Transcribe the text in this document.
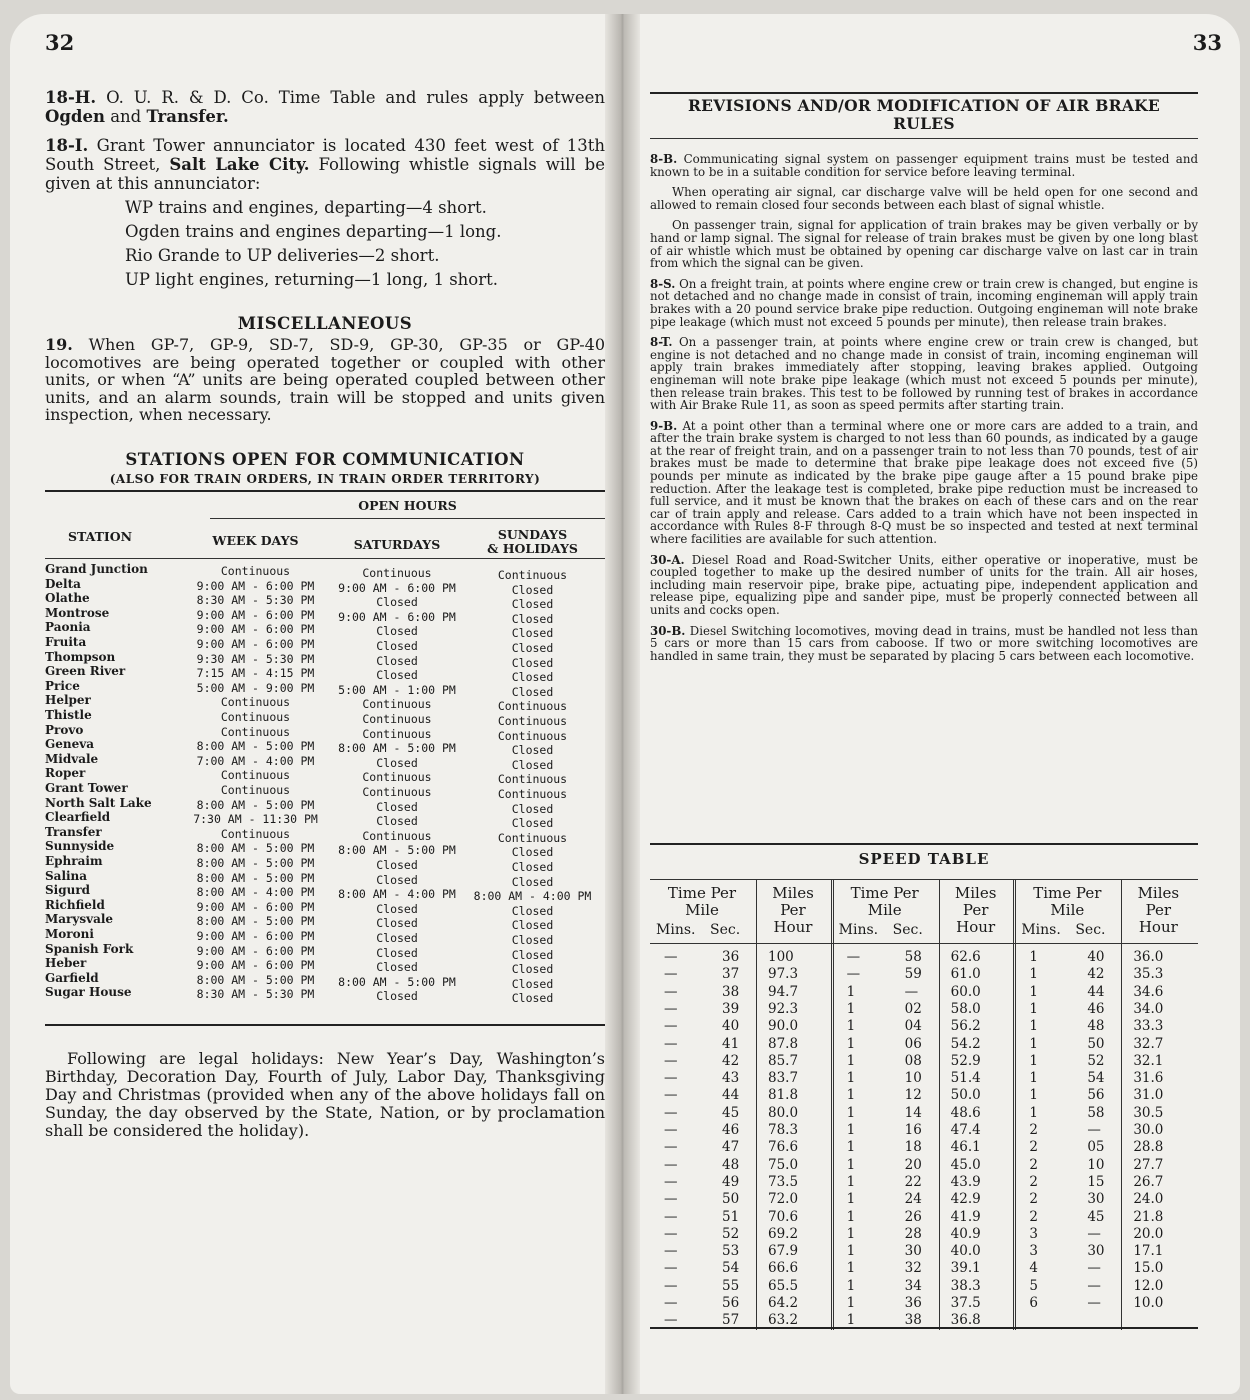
32
18-H. O. U. R. & D. Co. Time Table and rules apply between Ogden and Transfer.
18-I. Grant Tower annunciator is located 430 feet west of 13th South Street, Salt Lake City. Following whistle signals will be given at this annunciator:
WP trains and engines, departing—4 short.
Ogden trains and engines departing—1 long.
Rio Grande to UP deliveries—2 short.
UP light engines, returning—1 long, 1 short.
MISCELLANEOUS
19. When GP-7, GP-9, SD-7, SD-9, GP-30, GP-35 or GP-40 locomotives are being operated together or coupled with other units, or when “A” units are being operated coupled between other units, and an alarm sounds, train will be stopped and units given inspection, when necessary.
STATIONS OPEN FOR COMMUNICATION
(ALSO FOR TRAIN ORDERS, IN TRAIN ORDER TERRITORY)
OPEN HOURS
STATION	WEEK DAYS	SATURDAYS
SUNDAYS
& HOLIDAYS
Grand Junction	Continuous	Continuous	Continuous
Delta	9:00 AM - 6:00 PM	9:00 AM - 6:00 PM	Closed
Olathe	8:30 AM - 5:30 PM	Closed	Closed
Montrose	9:00 AM - 6:00 PM	9:00 AM - 6:00 PM	Closed
Paonia	9:00 AM - 6:00 PM	Closed	Closed
Fruita	9:00 AM - 6:00 PM	Closed	Closed
Thompson	9:30 AM - 5:30 PM	Closed	Closed
Green River	7:15 AM - 4:15 PM	Closed	Closed
Price	5:00 AM - 9:00 PM	5:00 AM - 1:00 PM	Closed
Helper	Continuous	Continuous	Continuous
Thistle	Continuous	Continuous	Continuous
Provo	Continuous	Continuous	Continuous
Geneva	8:00 AM - 5:00 PM	8:00 AM - 5:00 PM	Closed
Midvale	7:00 AM - 4:00 PM	Closed	Closed
Roper	Continuous	Continuous	Continuous
Grant Tower	Continuous	Continuous	Continuous
North Salt Lake	8:00 AM - 5:00 PM	Closed	Closed
Clearfield	7:30 AM - 11:30 PM	Closed	Closed
Transfer	Continuous	Continuous	Continuous
Sunnyside	8:00 AM - 5:00 PM	8:00 AM - 5:00 PM	Closed
Ephraim	8:00 AM - 5:00 PM	Closed	Closed
Salina	8:00 AM - 5:00 PM	Closed	Closed
Sigurd	8:00 AM - 4:00 PM	8:00 AM - 4:00 PM	8:00 AM - 4:00 PM
Richfield	9:00 AM - 6:00 PM	Closed	Closed
Marysvale	8:00 AM - 5:00 PM	Closed	Closed
Moroni	9:00 AM - 6:00 PM	Closed	Closed
Spanish Fork	9:00 AM - 6:00 PM	Closed	Closed
Heber	9:00 AM - 6:00 PM	Closed	Closed
Garfield	8:00 AM - 5:00 PM	8:00 AM - 5:00 PM	Closed
Sugar House	8:30 AM - 5:30 PM	Closed	Closed
Following are legal holidays: New Year’s Day, Washington’s Birthday, Decoration Day, Fourth of July, Labor Day, Thanksgiving Day and Christmas (provided when any of the above holidays fall on Sunday, the day observed by the State, Nation, or by proclamation shall be considered the holiday).
33
REVISIONS AND/OR MODIFICATION OF AIR BRAKE
RULES

8-B. Communicating signal system on passenger equipment trains must be tested and known to be in a suitable condition for service before leaving terminal.

When operating air signal, car discharge valve will be held open for one second and allowed to remain closed four seconds between each blast of signal whistle.

On passenger train, signal for application of train brakes may be given verbally or by hand or lamp signal. The signal for release of train brakes must be given by one long blast of air whistle which must be obtained by opening car discharge valve on last car in train from which the signal can be given.

8-S. On a freight train, at points where engine crew or train crew is changed, but engine is not detached and no change made in consist of train, incoming engineman will apply train brakes with a 20 pound service brake pipe reduction. Outgoing engineman will note brake pipe leakage (which must not exceed 5 pounds per minute), then release train brakes.

8-T. On a passenger train, at points where engine crew or train crew is changed, but engine is not detached and no change made in consist of train, incoming engineman will apply train brakes immediately after stopping, leaving brakes applied. Outgoing engineman will note brake pipe leakage (which must not exceed 5 pounds per minute), then release train brakes. This test to be followed by running test of brakes in accordance with Air Brake Rule 11, as soon as speed permits after starting train.

9-B. At a point other than a terminal where one or more cars are added to a train, and after the train brake system is charged to not less than 60 pounds, as indicated by a gauge at the rear of freight train, and on a passenger train to not less than 70 pounds, test of air brakes must be made to determine that brake pipe leakage does not exceed five (5) pounds per minute as indicated by the brake pipe gauge after a 15 pound brake pipe reduction. After the leakage test is completed, brake pipe reduction must be increased to full service, and it must be known that the brakes on each of these cars and on the rear car of train apply and release. Cars added to a train which have not been inspected in accordance with Rules 8-F through 8-Q must be so inspected and tested at next terminal where facilities are available for such attention.

30-A. Diesel Road and Road-Switcher Units, either operative or inoperative, must be coupled together to make up the desired number of units for the train. All air hoses, including main reservoir pipe, brake pipe, actuating pipe, independent application and release pipe, equalizing pipe and sander pipe, must be properly connected between all units and cocks open.

30-B. Diesel Switching locomotives, moving dead in trains, must be handled not less than 5 cars or more than 15 cars from caboose. If two or more switching locomotives are handled in same train, they must be separated by placing 5 cars between each locomotive.

SPEED TABLE
Time Per
Mile
Mins. Sec.
Miles
Per
Hour
Time Per
Mile
Mins. Sec.
Miles
Per
Hour
Time Per
Mile
Mins. Sec.
Miles
Per
Hour
—	36 100	—	58 62.6	1	40 36.0
—	37 97.3	—	59 61.0	1	42 35.3
—	38 94.7	1	— 60.0	1	44 34.6
—	39 92.3	1	02 58.0	1	46 34.0
—	40 90.0	1	04 56.2	1	48 33.3
—	41 87.8	1	06 54.2	1	50 32.7
—	42 85.7	1	08 52.9	1	52 32.1
—	43 83.7	1	10 51.4	1	54 31.6
—	44 81.8	1	12 50.0	1	56 31.0
—	45 80.0	1	14 48.6	1	58 30.5
—	46 78.3	1	16 47.4	2	— 30.0
—	47 76.6	1	18 46.1	2	05 28.8
—	48 75.0	1	20 45.0	2	10 27.7
—	49 73.5	1	22 43.9	2	15 26.7
—	50 72.0	1	24 42.9	2	30 24.0
—	51 70.6	1	26 41.9	2	45 21.8
—	52 69.2	1	28 40.9	3	— 20.0
—	53 67.9	1	30 40.0	3	30 17.1
—	54 66.6	1	32 39.1	4	— 15.0
—	55 65.5	1	34 38.3	5	— 12.0
—	56 64.2	1	36 37.5	6	— 10.0
—	57 63.2	1	38 36.8
